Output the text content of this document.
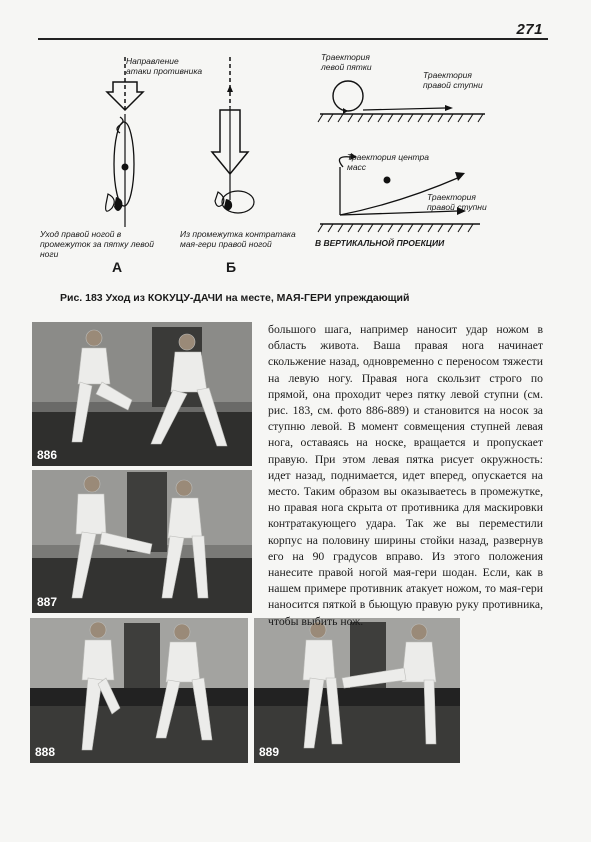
271
Направление
атаки противника
Уход правой ногой в
промежуток за пятку левой
ноги
А
Из промежутка контратака
мая-гери правой ногой
Б
Траектория
левой пятки
Траектория
правой ступни
Траектория центра
масс
Траектория
правой ступни
В ВЕРТИКАЛЬНОЙ ПРОЕКЦИИ
Рис. 183 Уход из КОКУЦУ-ДАЧИ на месте, МАЯ-ГЕРИ упреждающий
886
887
888	889

большого шага, например наносит удар ножом в область живота. Ваша правая нога начинает скольжение назад, одновременно с переносом тяжести на левую ногу. Правая нога скользит строго по прямой, она проходит через пятку левой ступни (см. рис. 183, см. фото 886-889) и становится на носок за ступню левой. В момент совмещения ступней левая нога, оставаясь на носке, вращается и пропускает правую. При этом левая пятка рисует окружность: идет назад, поднимается, идет вперед, опускается на место. Таким образом вы оказываетесь в промежутке, но правая нога скрыта от противника для маскировки контратакующего удара. Так же вы переместили корпус на половину ширины стойки назад, развернув его на 90 градусов вправо. Из этого положения нанесите правой ногой мая-гери шодан. Если, как в нашем примере противник атакует ножом, то мая-гери наносится пяткой в бьющую правую руку противника, чтобы выбить нож.
